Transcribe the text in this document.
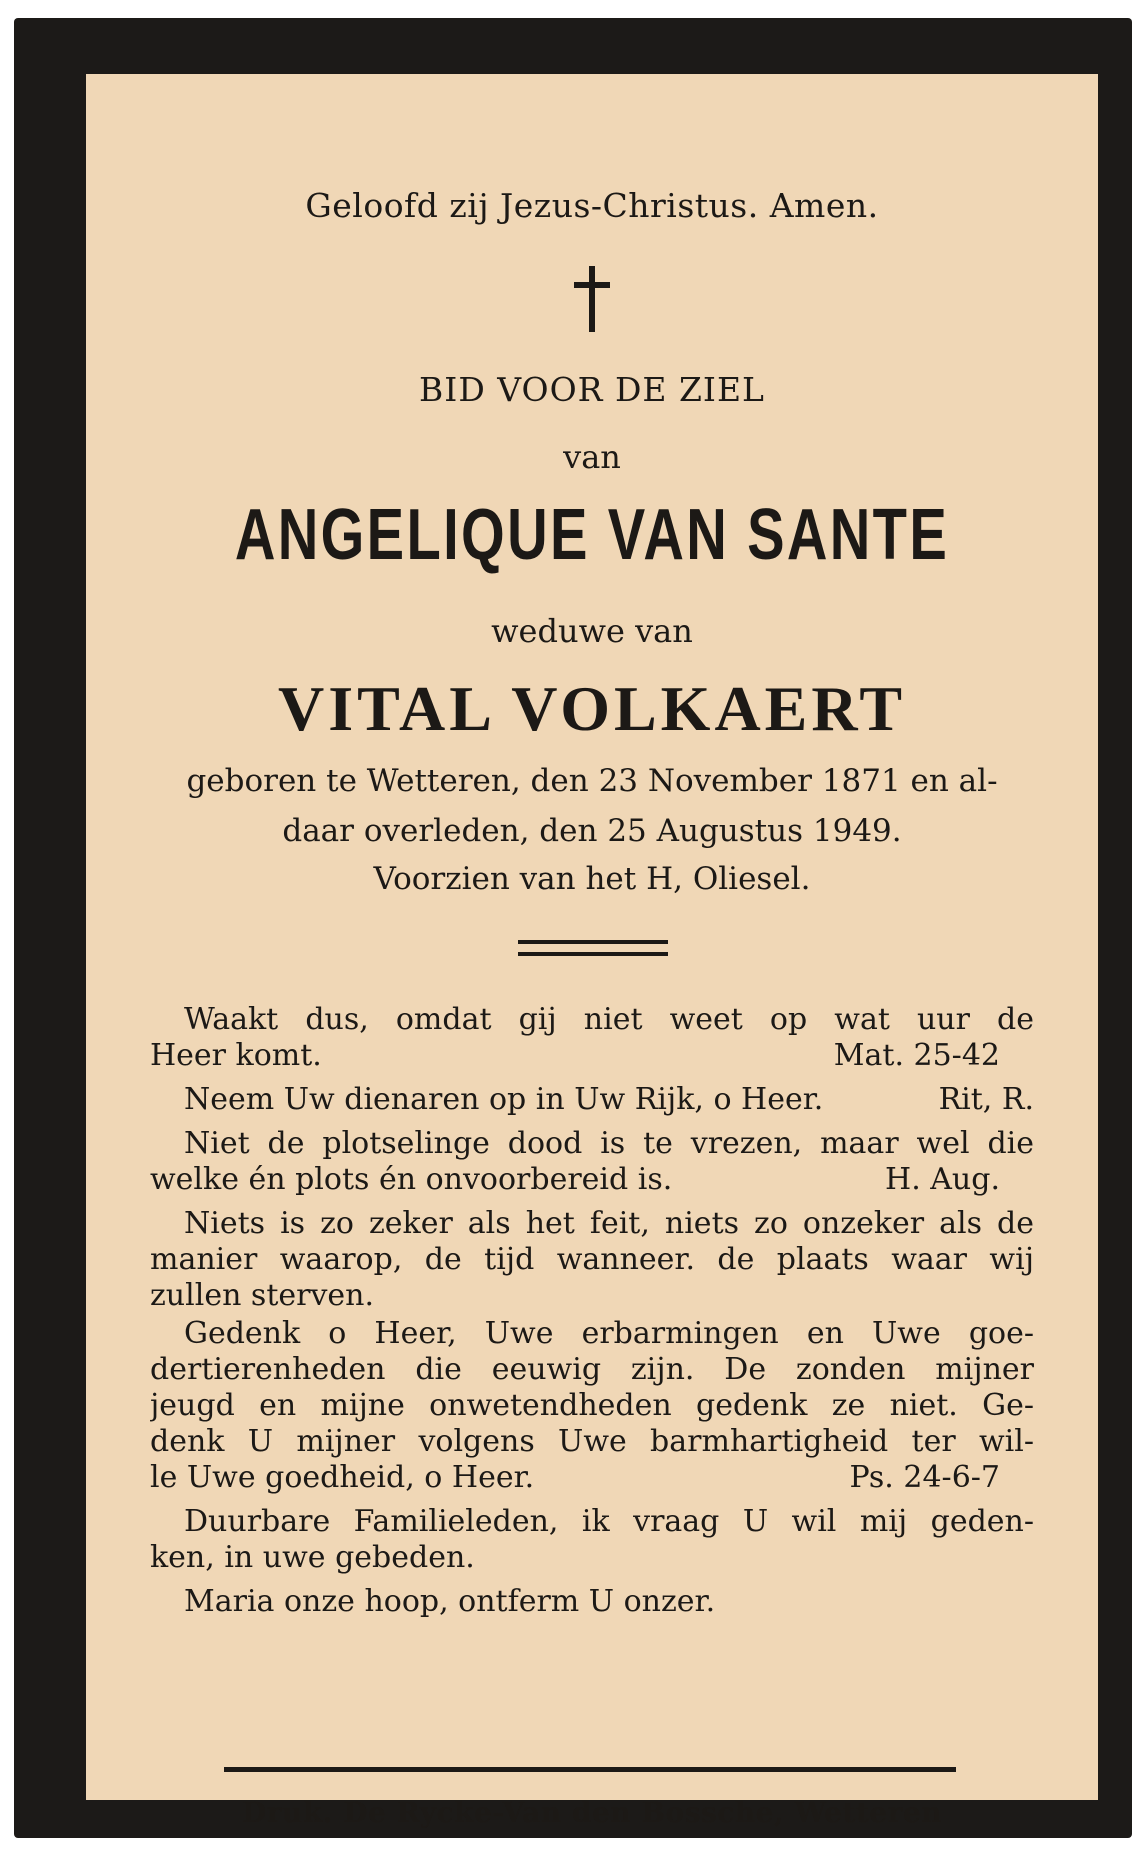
Geloofd zij Jezus-Christus. Amen.
BID VOOR DE ZIEL
van
ANGELIQUE VAN SANTE
weduwe van
VITAL VOLKAERT
geboren te Wetteren, den 23 November 1871 en al-
daar overleden, den 25 Augustus 1949.
Voorzien van het H, Oliesel.
Waakt dus, omdat gij niet weet op wat uur de
Heer komt.	Mat. 25-42
Neem Uw dienaren op in Uw Rijk, o Heer.	Rit, R.
Niet de plotselinge dood is te vrezen, maar wel die
welke én plots én onvoorbereid is.	H. Aug.
Niets is zo zeker als het feit, niets zo onzeker als de
manier waarop, de tijd wanneer. de plaats waar wij
zullen sterven.
Gedenk o Heer, Uwe erbarmingen en Uwe goe-
dertierenheden die eeuwig zijn. De zonden mijner
jeugd en mijne onwetendheden gedenk ze niet. Ge-
denk U mijner volgens Uwe barmhartigheid ter wil-
le Uwe goedheid, o Heer.	Ps. 24-6-7
Duurbare Familieleden, ik vraag U wil mij geden-
ken, in uwe gebeden.
Maria onze hoop, ontferm U onzer.
Druk. De Rycke-Van den Bossche, Wetteren
